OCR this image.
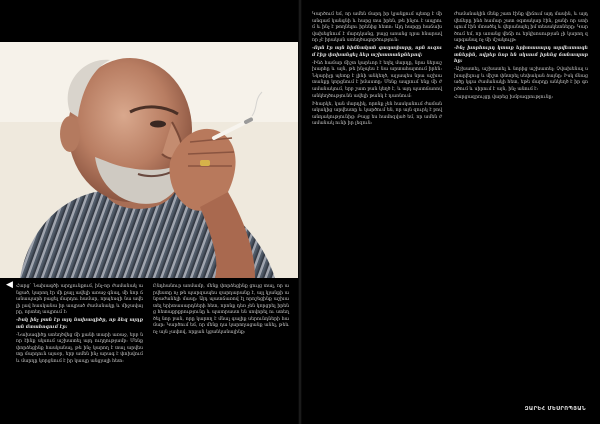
◀ Հարց՝ Նախագծի արդյունքում, ինչ-որ ժամանակ անցած, կարող էր մի քայլ ավելի առաջ գնալ, մի նոր ճանապարհ բացել մարդու համար, որպեսզի նա ավելի լավ հասկանա իր ապրած ժամանակը և միջավայրը, որտեղ ապրում է:

-Իսկ ինչ բան էր այդ նախագիծը, որ ձեզ այդքան մտահոգում էր:

-Նախագիծը ստեղծվեց մի քանի տարի առաջ, երբ նոր էինք սկսում աշխատել այդ ուղղությամբ: Մենք փորձեցինք հասկանալ, թե ինչ կարող է տալ արվեստը մարդուն այսօր, երբ ամեն ինչ արագ է փոխվում և մարդը կորցնում է իր կապը անցյալի հետ:

Ընդհանուր առմամբ, մենք փորձեցինք ցույց տալ, որ արվեստը ոչ թե պարզապես զարդարանք է, այլ կյանքի անբաժանելի մասը: Այդ պատճառով էլ որոշեցինք աշխատել երիտասարդների հետ, որոնք դեռ չեն կորցրել իրենց հետաքրքրությունը և պատրաստ են սովորել ու ստեղծել նոր բան, որը կարող է մնալ գալիք սերունդների համար: Կարծում եմ, որ մենք դա կարողացանք անել, թեև ոչ այն չափով, որքան կցանկանայինք:

Կարծում եմ, որ ամեն մարդ իր կյանքում պետք է մի անգամ կանգնի և հարց տա իրեն, թե ինչու է ապրում և ինչ է թողնելու իրենից հետո: Այդ հարցը հաճախ վախեցնում է մարդկանց, բայց առանց դրա հնարավոր չէ իրական ստեղծագործություն:

-Որն էր այն հիմնական գաղափարը, որն ուզում էիք փոխանցել ձեր աշխատանքներով:

-Ինձ համար միշտ կարևոր է եղել մարդը, նրա ներաշխարհը և այն, թե ինչպես է նա արտահայտում իրեն: Նկարիչը պետք է լինի անկեղծ, այլապես նրա աշխատանքը կորցնում է իմաստը: Մենք ապրում ենք մի ժամանակում, երբ շատ բան կեղծ է, և այդ պատճառով անկեղծությունն ավելի թանկ է դառնում:

Իհարկե, կան մարդիկ, որոնք չեն հասկանում ժամանակակից արվեստը և կարծում են, որ այն զուրկ է բովանդակությունից: Բայց ես համոզված եմ, որ ամեն ժամանակ ունի իր լեզուն:

Ժամանակին մենք շատ էինք վիճում այդ մասին, և այդ վեճերը ինձ համար շատ օգտակար էին, քանի որ ստիպում էին մտածել և վերանայել իմ տեսակետները: Կարծում եմ, որ առանց վեճի ու երկխոսության չի կարող զարգանալ ոչ մի մշակույթ:

-Ինչ խորհուրդ կտաք երիտասարդ արվեստագետներին, ովքեր նոր են սկսում իրենց ճանապարհը:

-Աշխատել, աշխատել և նորից աշխատել: Չվախենալ սխալվելուց և միշտ փնտրել սեփական ձայնը: Իսկ մնացածը կգա ժամանակի հետ, եթե մարդը անկեղծ է իր գործում և սիրում է այն, ինչ անում է:

Հարցազրույցը վարեց խմբագրությունը:

ԶԱՐԵՀ ՄԵՍՐՈՊՅԱՆ
